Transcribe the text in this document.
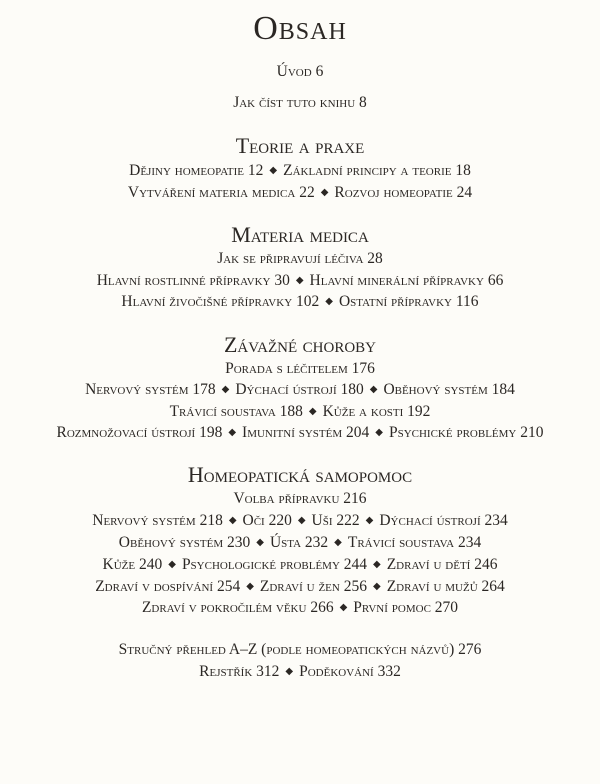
Obsah
Úvod 6
Jak číst tuto knihu 8
Teorie a praxe
Dějiny homeopatie 12 ◆ Základní principy a teorie 18
Vytváření materia medica 22 ◆ Rozvoj homeopatie 24
Materia medica
Jak se připravují léčiva 28
Hlavní rostlinné přípravky 30 ◆ Hlavní minerální přípravky 66
Hlavní živočišné přípravky 102 ◆ Ostatní přípravky 116
Závažné choroby
Porada s léčitelem 176
Nervový systém 178 ◆ Dýchací ústrojí 180 ◆ Oběhový systém 184
Trávicí soustava 188 ◆ Kůže a kosti 192
Rozmnožovací ústrojí 198 ◆ Imunitní systém 204 ◆ Psychické problémy 210
Homeopatická samopomoc
Volba přípravku 216
Nervový systém 218 ◆ Oči 220 ◆ Uši 222 ◆ Dýchací ústrojí 234
Oběhový systém 230 ◆ Ústa 232 ◆ Trávicí soustava 234
Kůže 240 ◆ Psychologické problémy 244 ◆ Zdraví u dětí 246
Zdraví v dospívání 254 ◆ Zdraví u žen 256 ◆ Zdraví u mužů 264
Zdraví v pokročilém věku 266 ◆ První pomoc 270
Stručný přehled A–Z (podle homeopatických názvů) 276
Rejstřík 312 ◆ Poděkování 332
